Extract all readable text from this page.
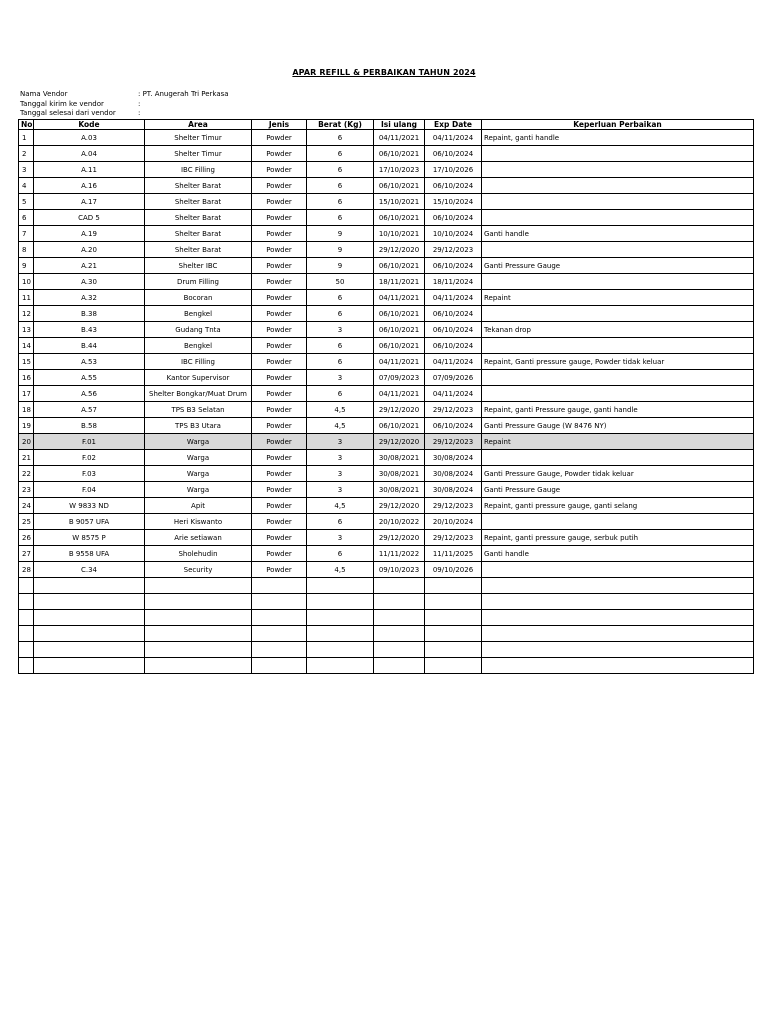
APAR REFILL & PERBAIKAN TAHUN 2024
Nama Vendor	: PT. Anugerah Tri Perkasa
Tanggal kirim ke vendor	:
Tanggal selesai dari vendor	:
No	Kode	Area	Jenis	Berat (Kg)	Isi ulang	Exp Date	Keperluan Perbaikan
1	A.03	Shelter Timur	Powder	6	04/11/2021	04/11/2024	Repaint, ganti handle
2	A.04	Shelter Timur	Powder	6	06/10/2021	06/10/2024	
3	A.11	IBC Filling	Powder	6	17/10/2023	17/10/2026	
4	A.16	Shelter Barat	Powder	6	06/10/2021	06/10/2024	
5	A.17	Shelter Barat	Powder	6	15/10/2021	15/10/2024	
6	CAD 5	Shelter Barat	Powder	6	06/10/2021	06/10/2024	
7	A.19	Shelter Barat	Powder	9	10/10/2021	10/10/2024	Ganti handle
8	A.20	Shelter Barat	Powder	9	29/12/2020	29/12/2023	
9	A.21	Shelter IBC	Powder	9	06/10/2021	06/10/2024	Ganti Pressure Gauge
10	A.30	Drum Filling	Powder	50	18/11/2021	18/11/2024	
11	A.32	Bocoran	Powder	6	04/11/2021	04/11/2024	Repaint
12	B.38	Bengkel	Powder	6	06/10/2021	06/10/2024	
13	B.43	Gudang Tnta	Powder	3	06/10/2021	06/10/2024	Tekanan drop
14	B.44	Bengkel	Powder	6	06/10/2021	06/10/2024	
15	A.53	IBC Filling	Powder	6	04/11/2021	04/11/2024	Repaint, Ganti pressure gauge, Powder tidak keluar
16	A.55	Kantor Supervisor	Powder	3	07/09/2023	07/09/2026	
17	A.56	Shelter Bongkar/Muat Drum	Powder	6	04/11/2021	04/11/2024	
18	A.57	TPS B3 Selatan	Powder	4,5	29/12/2020	29/12/2023	Repaint, ganti Pressure gauge, ganti handle
19	B.58	TPS B3 Utara	Powder	4,5	06/10/2021	06/10/2024	Ganti Pressure Gauge (W 8476 NY)
20	F.01	Warga	Powder	3	29/12/2020	29/12/2023	Repaint
21	F.02	Warga	Powder	3	30/08/2021	30/08/2024	
22	F.03	Warga	Powder	3	30/08/2021	30/08/2024	Ganti Pressure Gauge, Powder tidak keluar
23	F.04	Warga	Powder	3	30/08/2021	30/08/2024	Ganti Pressure Gauge
24	W 9833 ND	Apit	Powder	4,5	29/12/2020	29/12/2023	Repaint, ganti pressure gauge, ganti selang
25	B 9057 UFA	Heri Kiswanto	Powder	6	20/10/2022	20/10/2024	
26	W 8575 P	Arie setiawan	Powder	3	29/12/2020	29/12/2023	Repaint, ganti pressure gauge, serbuk putih
27	B 9558 UFA	Sholehudin	Powder	6	11/11/2022	11/11/2025	Ganti handle
28	C.34	Security	Powder	4,5	09/10/2023	09/10/2026	
